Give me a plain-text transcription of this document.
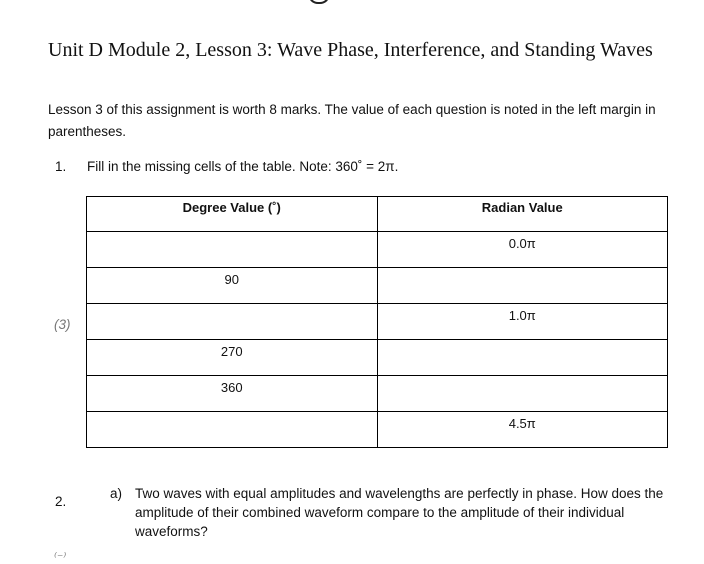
Unit D Module 2, Lesson 3: Wave Phase, Interference, and Standing Waves
Lesson 3 of this assignment is worth 8 marks. The value of each question is noted in the left margin in parentheses.
1. Fill in the missing cells of the table. Note: 360˚ = 2π.
(3)
Degree Value (˚)	Radian Value
	0.0π
90	
	1.0π
270	
360	
	4.5π
2.
a) Two waves with equal amplitudes and wavelengths are perfectly in phase. How does the amplitude of their combined waveform compare to the amplitude of their individual waveforms?
⁽⁻⁾
